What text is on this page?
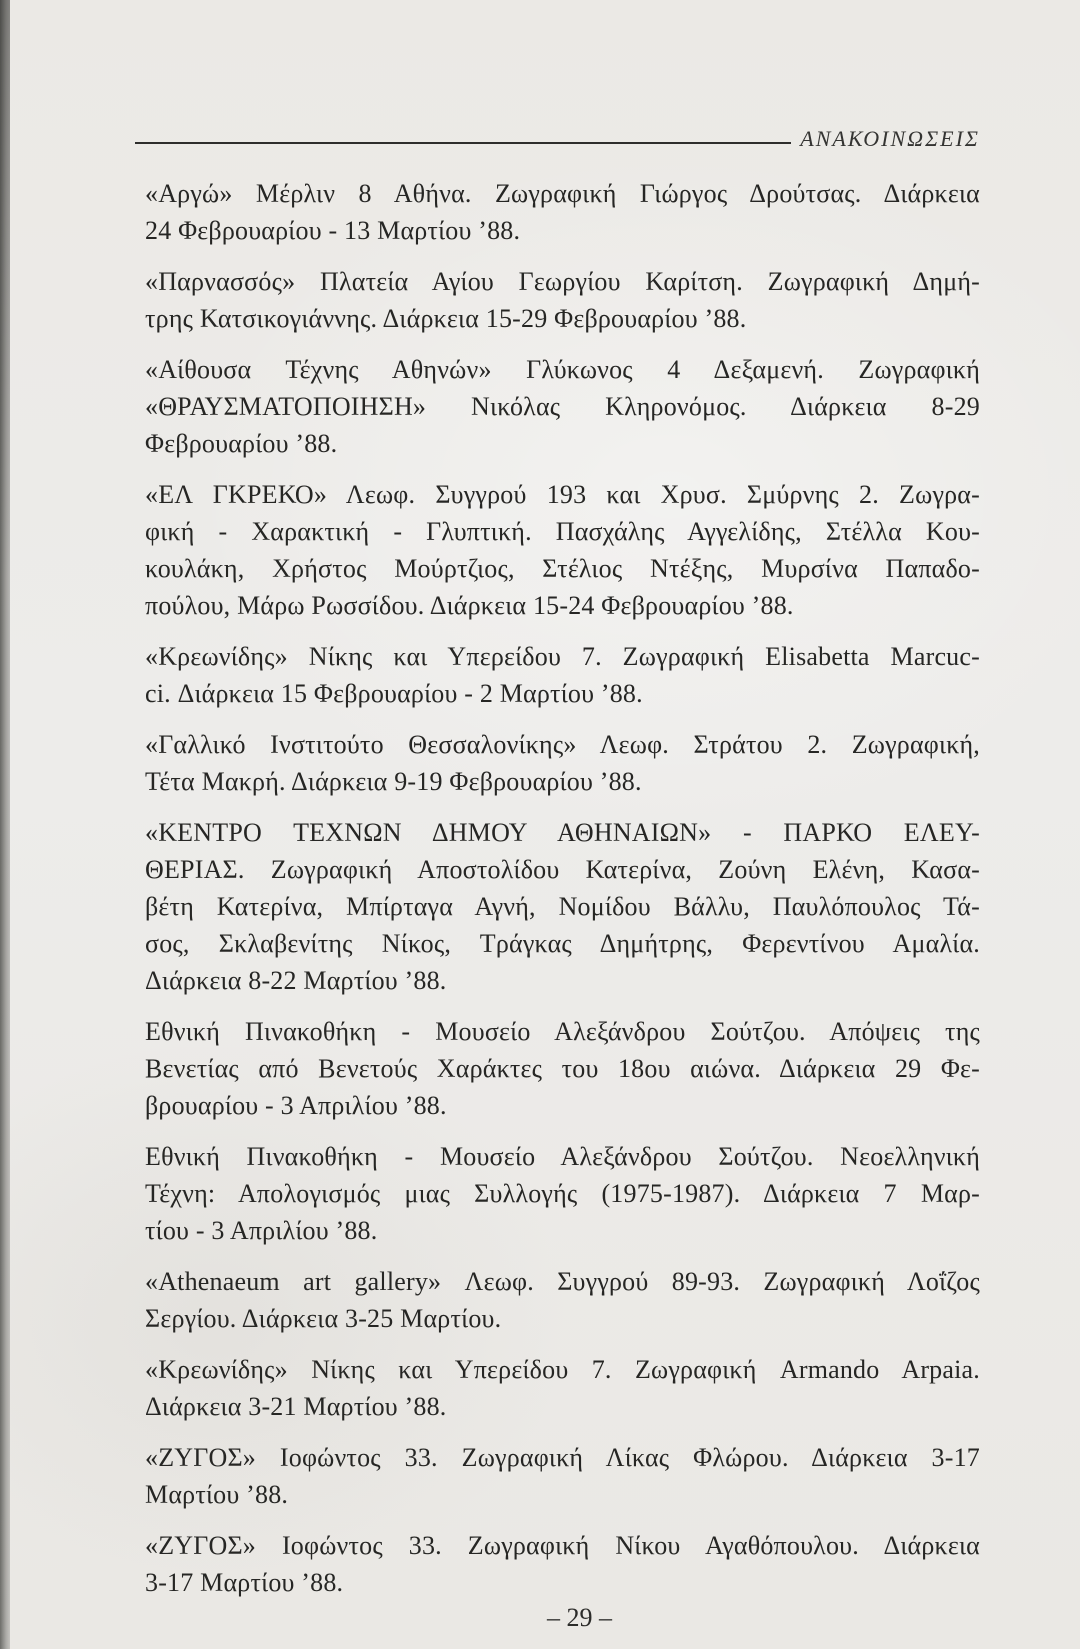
ΑΝΑΚΟΙΝΩΣΕΙΣ

«Αργώ» Μέρλιν 8 Αθήνα. Ζωγραφική Γιώργος Δρούτσας. Διάρκεια
24 Φεβρουαρίου - 13 Μαρτίου ’88.

«Παρνασσός» Πλατεία Αγίου Γεωργίου Καρίτση. Ζωγραφική Δημή-
τρης Κατσικογιάννης. Διάρκεια 15-29 Φεβρουαρίου ’88.

«Αίθουσα Τέχνης Αθηνών» Γλύκωνος 4 Δεξαμενή. Ζωγραφική
«ΘΡΑΥΣΜΑΤΟΠΟΙΗΣΗ» Νικόλας Κληρονόμος. Διάρκεια 8-29
Φεβρουαρίου ’88.

«ΕΛ ΓΚΡΕΚΟ» Λεωφ. Συγγρού 193 και Χρυσ. Σμύρνης 2. Ζωγρα-
φική - Χαρακτική - Γλυπτική. Πασχάλης Αγγελίδης, Στέλλα Κου-
κουλάκη, Χρήστος Μούρτζιος, Στέλιος Ντέξης, Μυρσίνα Παπαδο-
πούλου, Μάρω Ρωσσίδου. Διάρκεια 15-24 Φεβρουαρίου ’88.

«Κρεωνίδης» Νίκης και Υπερείδου 7. Ζωγραφική Elisabetta Marcuc-
ci. Διάρκεια 15 Φεβρουαρίου - 2 Μαρτίου ’88.

«Γαλλικό Ινστιτούτο Θεσσαλονίκης» Λεωφ. Στράτου 2. Ζωγραφική,
Τέτα Μακρή. Διάρκεια 9-19 Φεβρουαρίου ’88.

«ΚΕΝΤΡΟ ΤΕΧΝΩΝ ΔΗΜΟΥ ΑΘΗΝΑΙΩΝ» - ΠΑΡΚΟ ΕΛΕΥ-
ΘΕΡΙΑΣ. Ζωγραφική Αποστολίδου Κατερίνα, Ζούνη Ελένη, Κασα-
βέτη Κατερίνα, Μπίρταγα Αγνή, Νομίδου Βάλλυ, Παυλόπουλος Τά-
σος, Σκλαβενίτης Νίκος, Τράγκας Δημήτρης, Φερεντίνου Αμαλία.
Διάρκεια 8-22 Μαρτίου ’88.

Εθνική Πινακοθήκη - Μουσείο Αλεξάνδρου Σούτζου. Απόψεις της
Βενετίας από Βενετούς Χαράκτες του 18ου αιώνα. Διάρκεια 29 Φε-
βρουαρίου - 3 Απριλίου ’88.

Εθνική Πινακοθήκη - Μουσείο Αλεξάνδρου Σούτζου. Νεοελληνική
Τέχνη: Απολογισμός μιας Συλλογής (1975-1987). Διάρκεια 7 Μαρ-
τίου - 3 Απριλίου ’88.

«Athenaeum art gallery» Λεωφ. Συγγρού 89-93. Ζωγραφική Λοΐζος
Σεργίου. Διάρκεια 3-25 Μαρτίου.

«Κρεωνίδης» Νίκης και Υπερείδου 7. Ζωγραφική Armando Arpaia.
Διάρκεια 3-21 Μαρτίου ’88.

«ΖΥΓΟΣ» Ιοφώντος 33. Ζωγραφική Λίκας Φλώρου. Διάρκεια 3-17
Μαρτίου ’88.

«ΖΥΓΟΣ» Ιοφώντος 33. Ζωγραφική Νίκου Αγαθόπουλου. Διάρκεια
3-17 Μαρτίου ’88.

– 29 –
